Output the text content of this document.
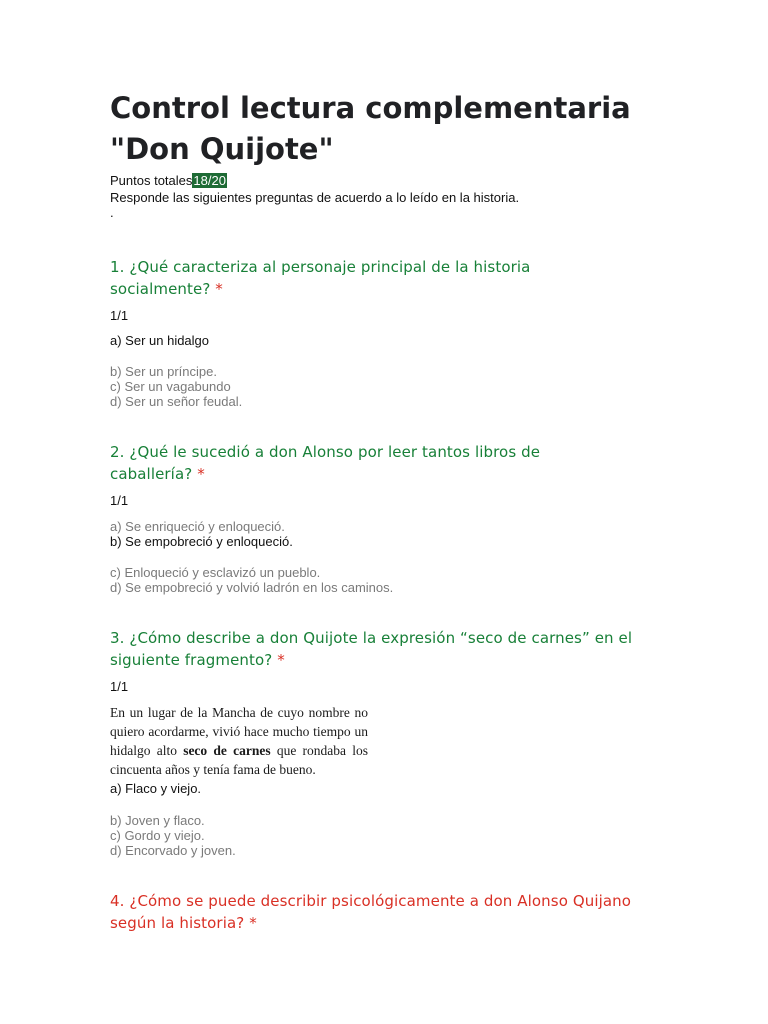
Control lectura complementaria
"Don Quijote"
Puntos totales18/20
Responde las siguientes preguntas de acuerdo a lo leído en la historia.
.

1. ¿Qué caracteriza al personaje principal de la historia
socialmente? *

1/1
a) Ser un hidalgo
b) Ser un príncipe.
c) Ser un vagabundo
d) Ser un señor feudal.

2. ¿Qué le sucedió a don Alonso por leer tantos libros de
caballería? *

1/1
a) Se enriqueció y enloqueció.
b) Se empobreció y enloqueció.
c) Enloqueció y esclavizó un pueblo.
d) Se empobreció y volvió ladrón en los caminos.

3. ¿Cómo describe a don Quijote la expresión “seco de carnes” en el
siguiente fragmento? *

1/1
En un lugar de la Mancha de cuyo nombre no quiero acordarme, vivió hace mucho tiempo un hidalgo alto seco de carnes que rondaba los cincuenta años y tenía fama de bueno.
a) Flaco y viejo.
b) Joven y flaco.
c) Gordo y viejo.
d) Encorvado y joven.

4. ¿Cómo se puede describir psicológicamente a don Alonso Quijano
según la historia? *
